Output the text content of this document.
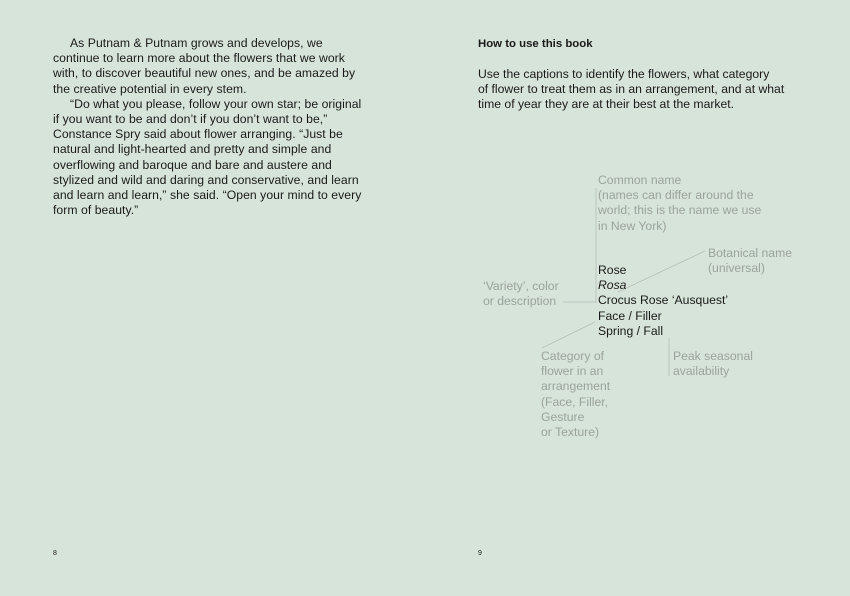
As Putnam & Putnam grows and develops, we continue to learn more about the flowers that we work with, to discover beautiful new ones, and be amazed by the creative potential in every stem.

“Do what you please, follow your own star; be original if you want to be and don’t if you don’t want to be,” Constance Spry said about flower arranging. “Just be natural and light-hearted and pretty and simple and overflowing and baroque and bare and austere and stylized and wild and daring and conservative, and learn and learn and learn,” she said. “Open your mind to every form of beauty.”

8
How to use this book
Use the captions to identify the flowers, what category
of flower to treat them as in an arrangement, and at what
time of year they are at their best at the market.
Common name
(names can differ around the
world; this is the name we use
in New York)
Botanical name
(universal)
‘Variety’, color
or description
Category of
flower in an
arrangement
(Face, Filler,
Gesture
or Texture)
Peak seasonal
availability
Rose
Rosa
Crocus Rose ‘Ausquest’
Face / Filler
Spring / Fall
9
